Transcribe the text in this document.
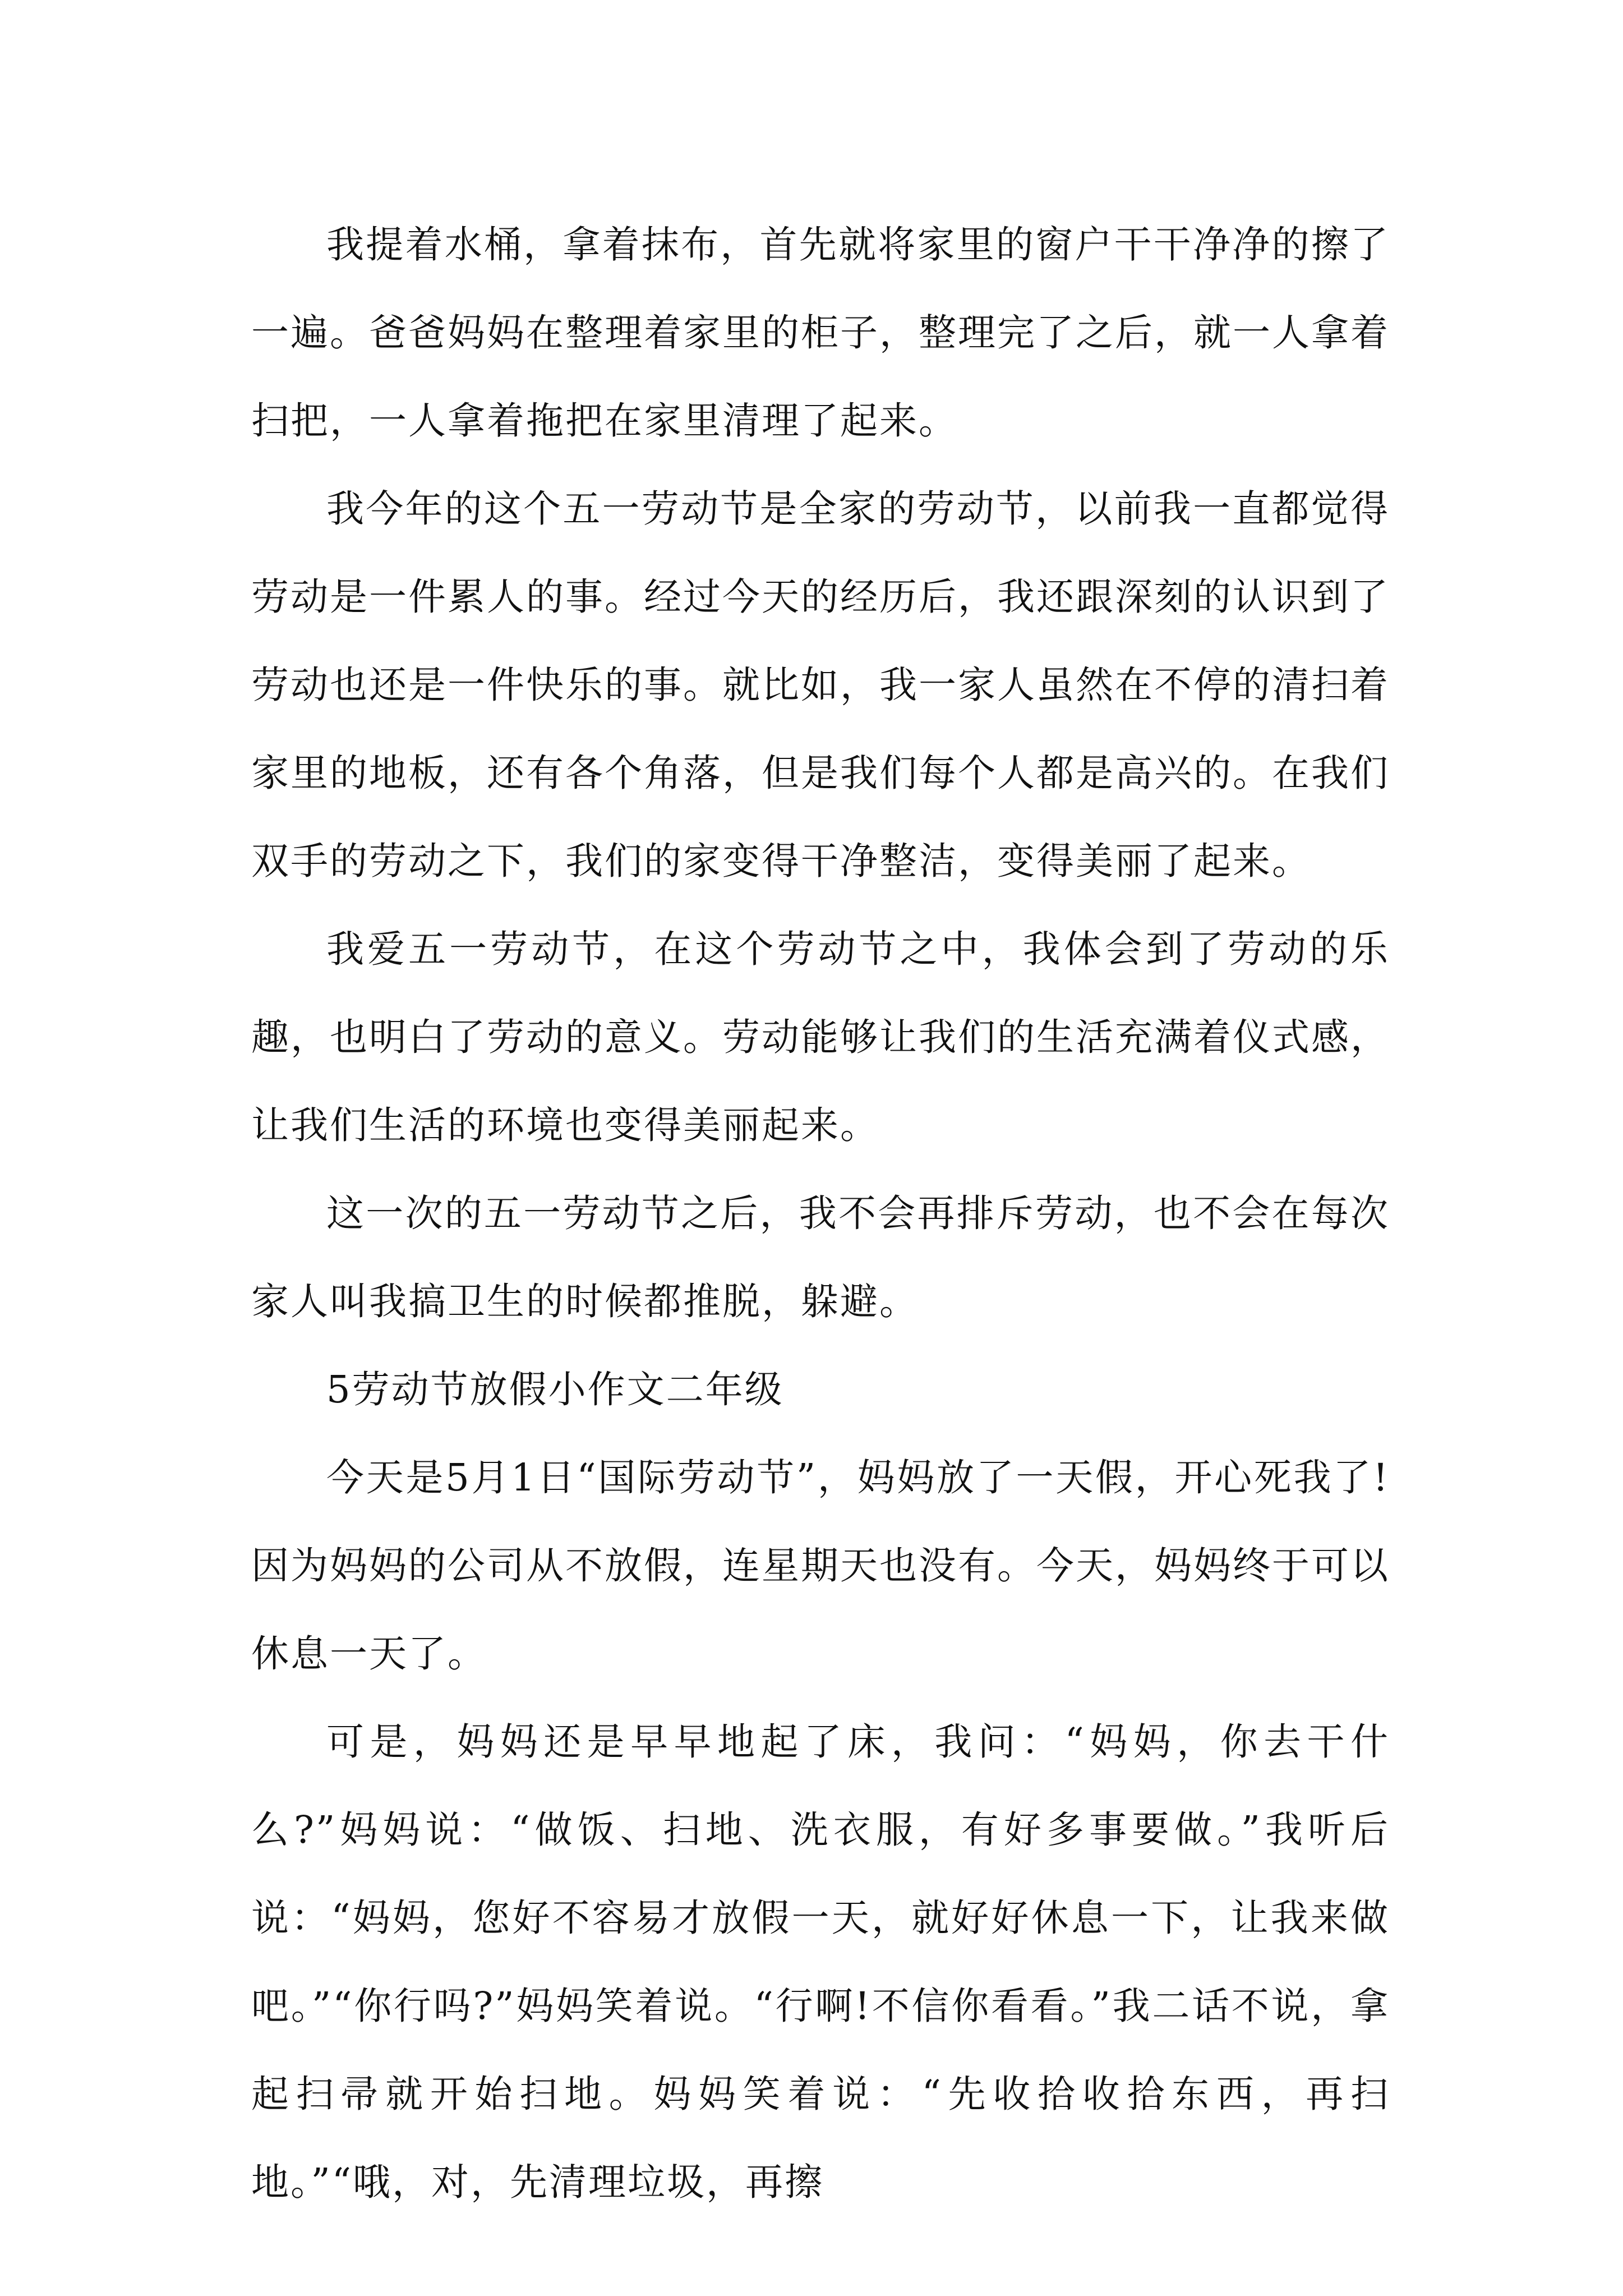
我提着水桶，拿着抹布，首先就将家里的窗户干干净净的擦了一遍。爸爸妈妈在整理着家里的柜子，整理完了之后，就一人拿着扫把，一人拿着拖把在家里清理了起来。

我今年的这个五一劳动节是全家的劳动节，以前我一直都觉得劳动是一件累人的事。经过今天的经历后，我还跟深刻的认识到了劳动也还是一件快乐的事。就比如，我一家人虽然在不停的清扫着家里的地板，还有各个角落，但是我们每个人都是高兴的。在我们双手的劳动之下，我们的家变得干净整洁，变得美丽了起来。

我爱五一劳动节，在这个劳动节之中，我体会到了劳动的乐趣，也明白了劳动的意义。劳动能够让我们的生活充满着仪式感，让我们生活的环境也变得美丽起来。

这一次的五一劳动节之后，我不会再排斥劳动，也不会在每次家人叫我搞卫生的时候都推脱，躲避。

5劳动节放假小作文二年级

今天是5月1日“国际劳动节”，妈妈放了一天假，开心死我了!因为妈妈的公司从不放假，连星期天也没有。今天，妈妈终于可以休息一天了。

可是，妈妈还是早早地起了床，我问：“妈妈，你去干什么?”妈妈说：“做饭、扫地、洗衣服，有好多事要做。”我听后说：“妈妈，您好不容易才放假一天，就好好休息一下，让我来做吧。”“你行吗?”妈妈笑着说。“行啊!不信你看看。”我二话不说，拿起扫帚就开始扫地。妈妈笑着说：“先收拾收拾东西，再扫地。”“哦，对，先清理垃圾，再擦
